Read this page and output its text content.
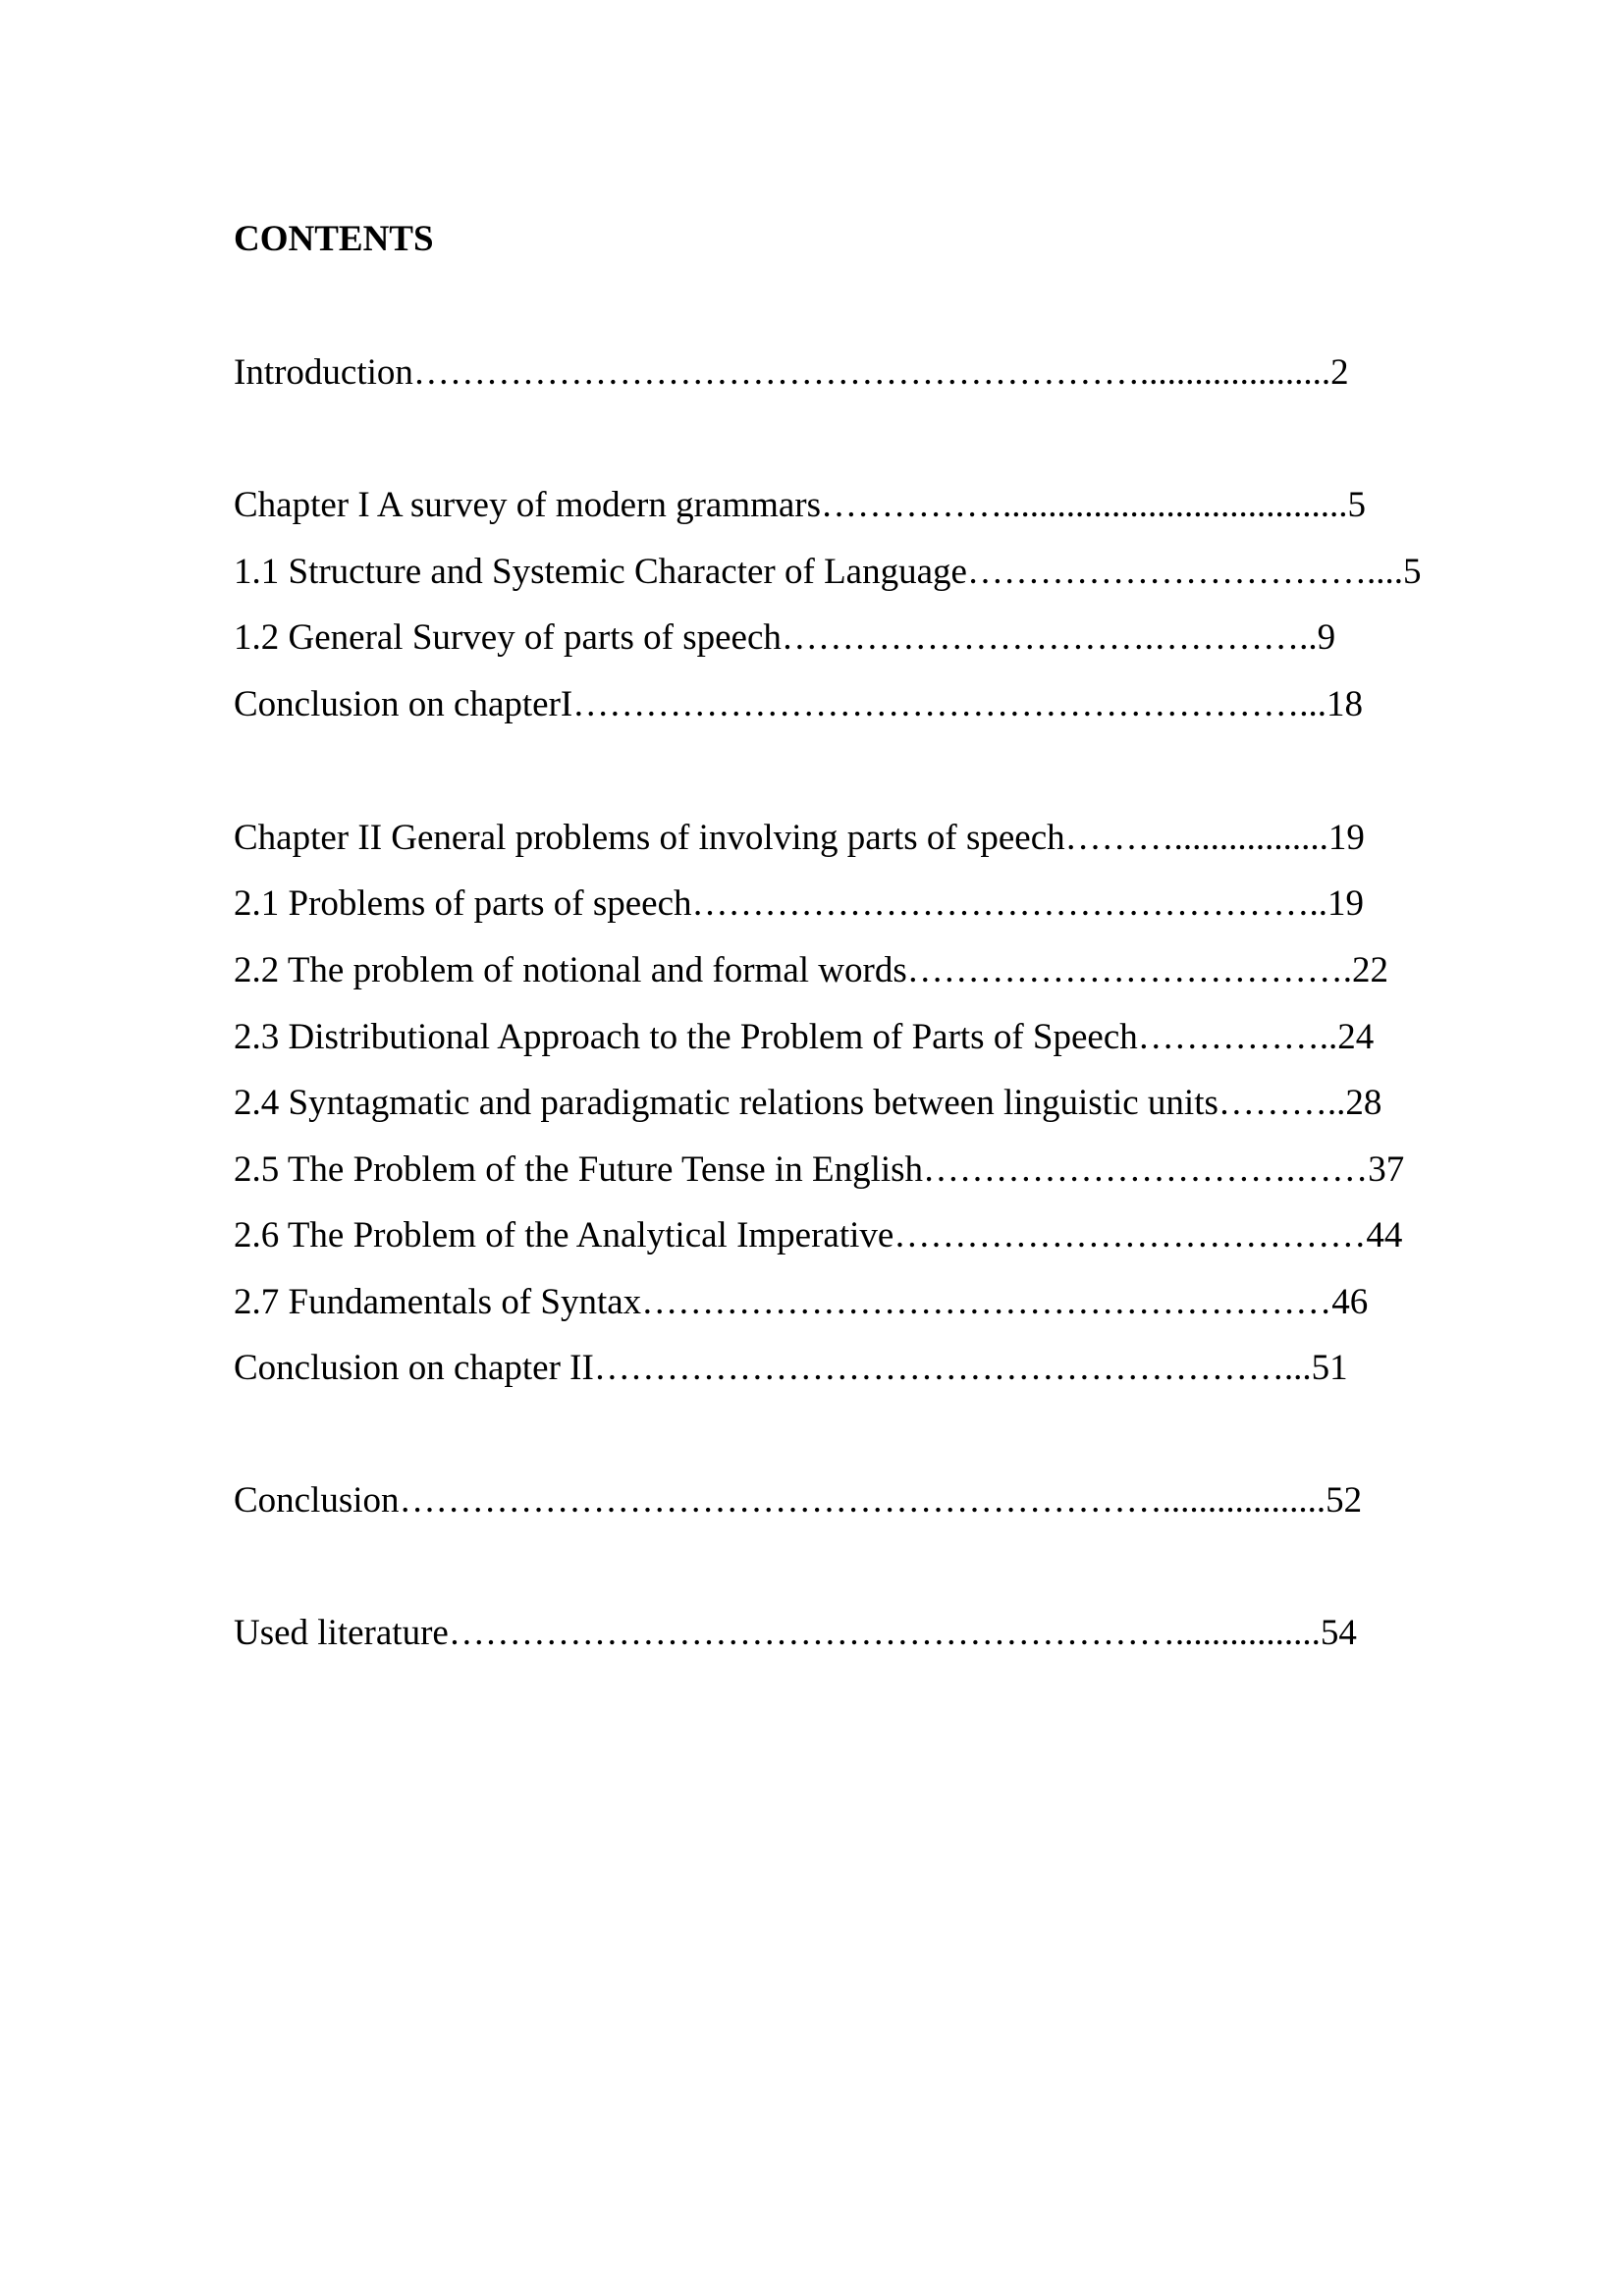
CONTENTS

Introduction…………………………………………………….....................2

Chapter I A survey of modern grammars……………......................................5

1.1 Structure and Systemic Character of Language……………………………....5

1.2 General Survey of parts of speech………………………….…………..9

Conclusion on chapterI……………………………………………………...18

Chapter II General problems of involving parts of speech……….................19

2.1 Problems of parts of speech……………………………………………..19

2.2 The problem of notional and formal words……………………………….22

2.3 Distributional Approach to the Problem of Parts of Speech……………..24

2.4 Syntagmatic and paradigmatic relations between linguistic units………..28

2.5 The Problem of the Future Tense in English………………………….……37

2.6 The Problem of the Analytical Imperative…………………………………44

2.7 Fundamentals of Syntax…………………………………………………46

Conclusion on chapter II…………………………………………………...51

Conclusion………………………………………………………..................52

Used literature……………………………………………………................54
